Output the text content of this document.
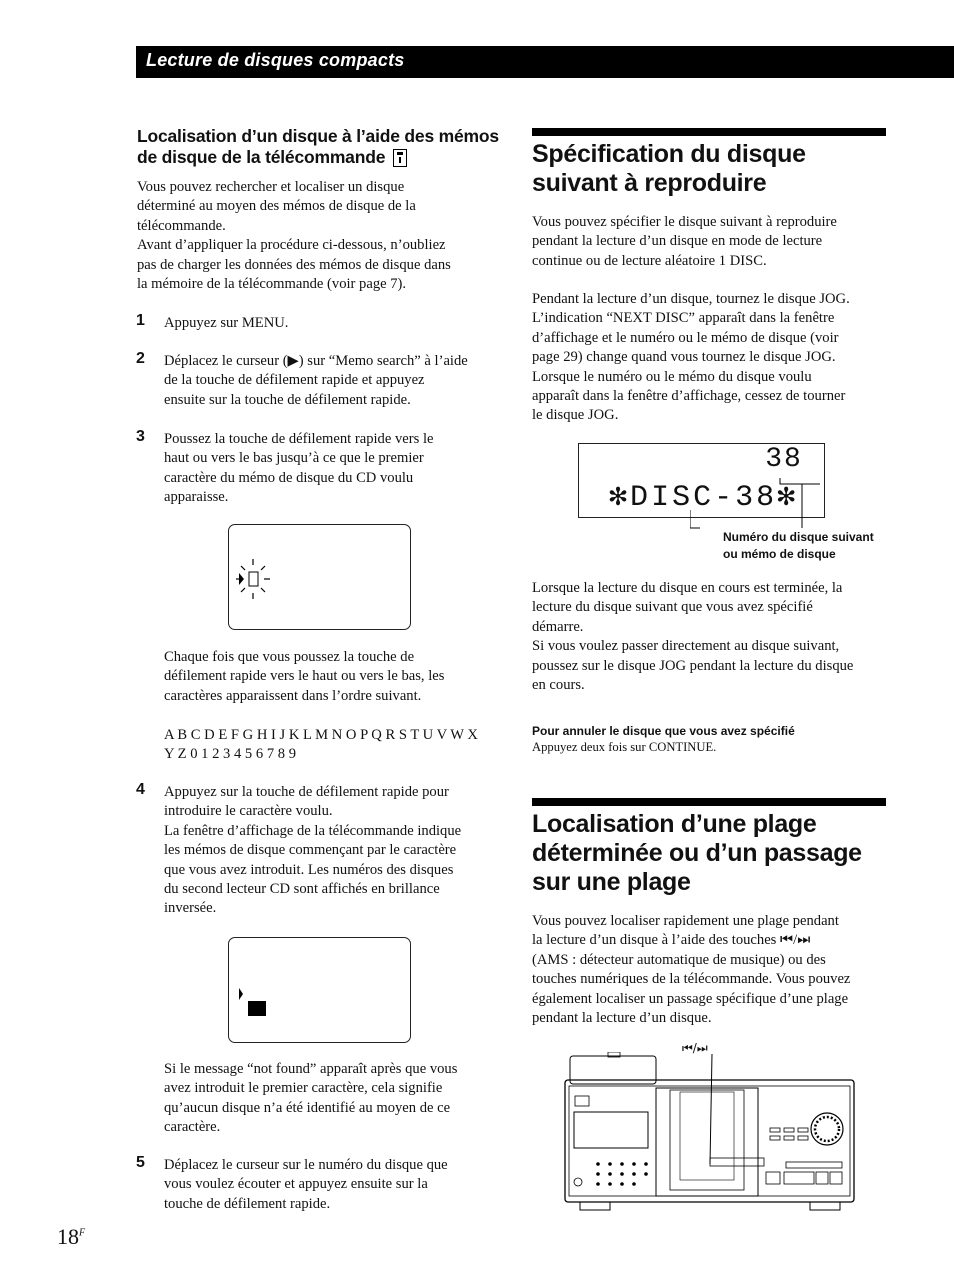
Lecture de disques compacts
Localisation d’un disque à l’aide des mémos
de disque de la télécommande
Vous pouvez rechercher et localiser un disque
déterminé au moyen des mémos de disque de la
télécommande.
Avant d’appliquer la procédure ci-dessous, n’oubliez
pas de charger les données des mémos de disque dans
la mémoire de la télécommande (voir page 7).
1 Appuyez sur MENU.
2 Déplacez le curseur (▶) sur “Memo search” à l’aide
de la touche de défilement rapide et appuyez
ensuite sur la touche de défilement rapide.
3 Poussez la touche de défilement rapide vers le
haut ou vers le bas jusqu’à ce que le premier
caractère du mémo de disque du CD voulu
apparaisse.
Chaque fois que vous poussez la touche de
défilement rapide vers le haut ou vers le bas, les
caractères apparaissent dans l’ordre suivant.
A B C D E F G H I J K L M N O P Q R S T U V W X
Y Z 0 1 2 3 4 5 6 7 8 9
4 Appuyez sur la touche de défilement rapide pour
introduire le caractère voulu.
La fenêtre d’affichage de la télécommande indique
les mémos de disque commençant par le caractère
que vous avez introduit. Les numéros des disques
du second lecteur CD sont affichés en brillance
inversée.
Si le message “not found” apparaît après que vous
avez introduit le premier caractère, cela signifie
qu’aucun disque n’a été identifié au moyen de ce
caractère.
5 Déplacez le curseur sur le numéro du disque que
vous voulez écouter et appuyez ensuite sur la
touche de défilement rapide.
$18^F$
Spécification du disque
suivant à reproduire
Vous pouvez spécifier le disque suivant à reproduire
pendant la lecture d’un disque en mode de lecture
continue ou de lecture aléatoire 1 DISC.
Pendant la lecture d’un disque, tournez le disque JOG.
L’indication “NEXT DISC” apparaît dans la fenêtre
d’affichage et le numéro ou le mémo de disque (voir
page 29) change quand vous tournez le disque JOG.
Lorsque le numéro ou le mémo du disque voulu
apparaît dans la fenêtre d’affichage, cessez de tourner
le disque JOG.
38
✻DISC-38✻
Numéro du disque suivant
ou mémo de disque
Lorsque la lecture du disque en cours est terminée, la
lecture du disque suivant que vous avez spécifié
démarre.
Si vous voulez passer directement au disque suivant,
poussez sur le disque JOG pendant la lecture du disque
en cours.
Pour annuler le disque que vous avez spécifié
Appuyez deux fois sur CONTINUE.
Localisation d’une plage
déterminée ou d’un passage
sur une plage
Vous pouvez localiser rapidement une plage pendant
la lecture d’un disque à l’aide des touches ⏮/⏭
(AMS : détecteur automatique de musique) ou des
touches numériques de la télécommande. Vous pouvez
également localiser un passage spécifique d’une plage
pendant la lecture d’un disque.
⏮/⏭
